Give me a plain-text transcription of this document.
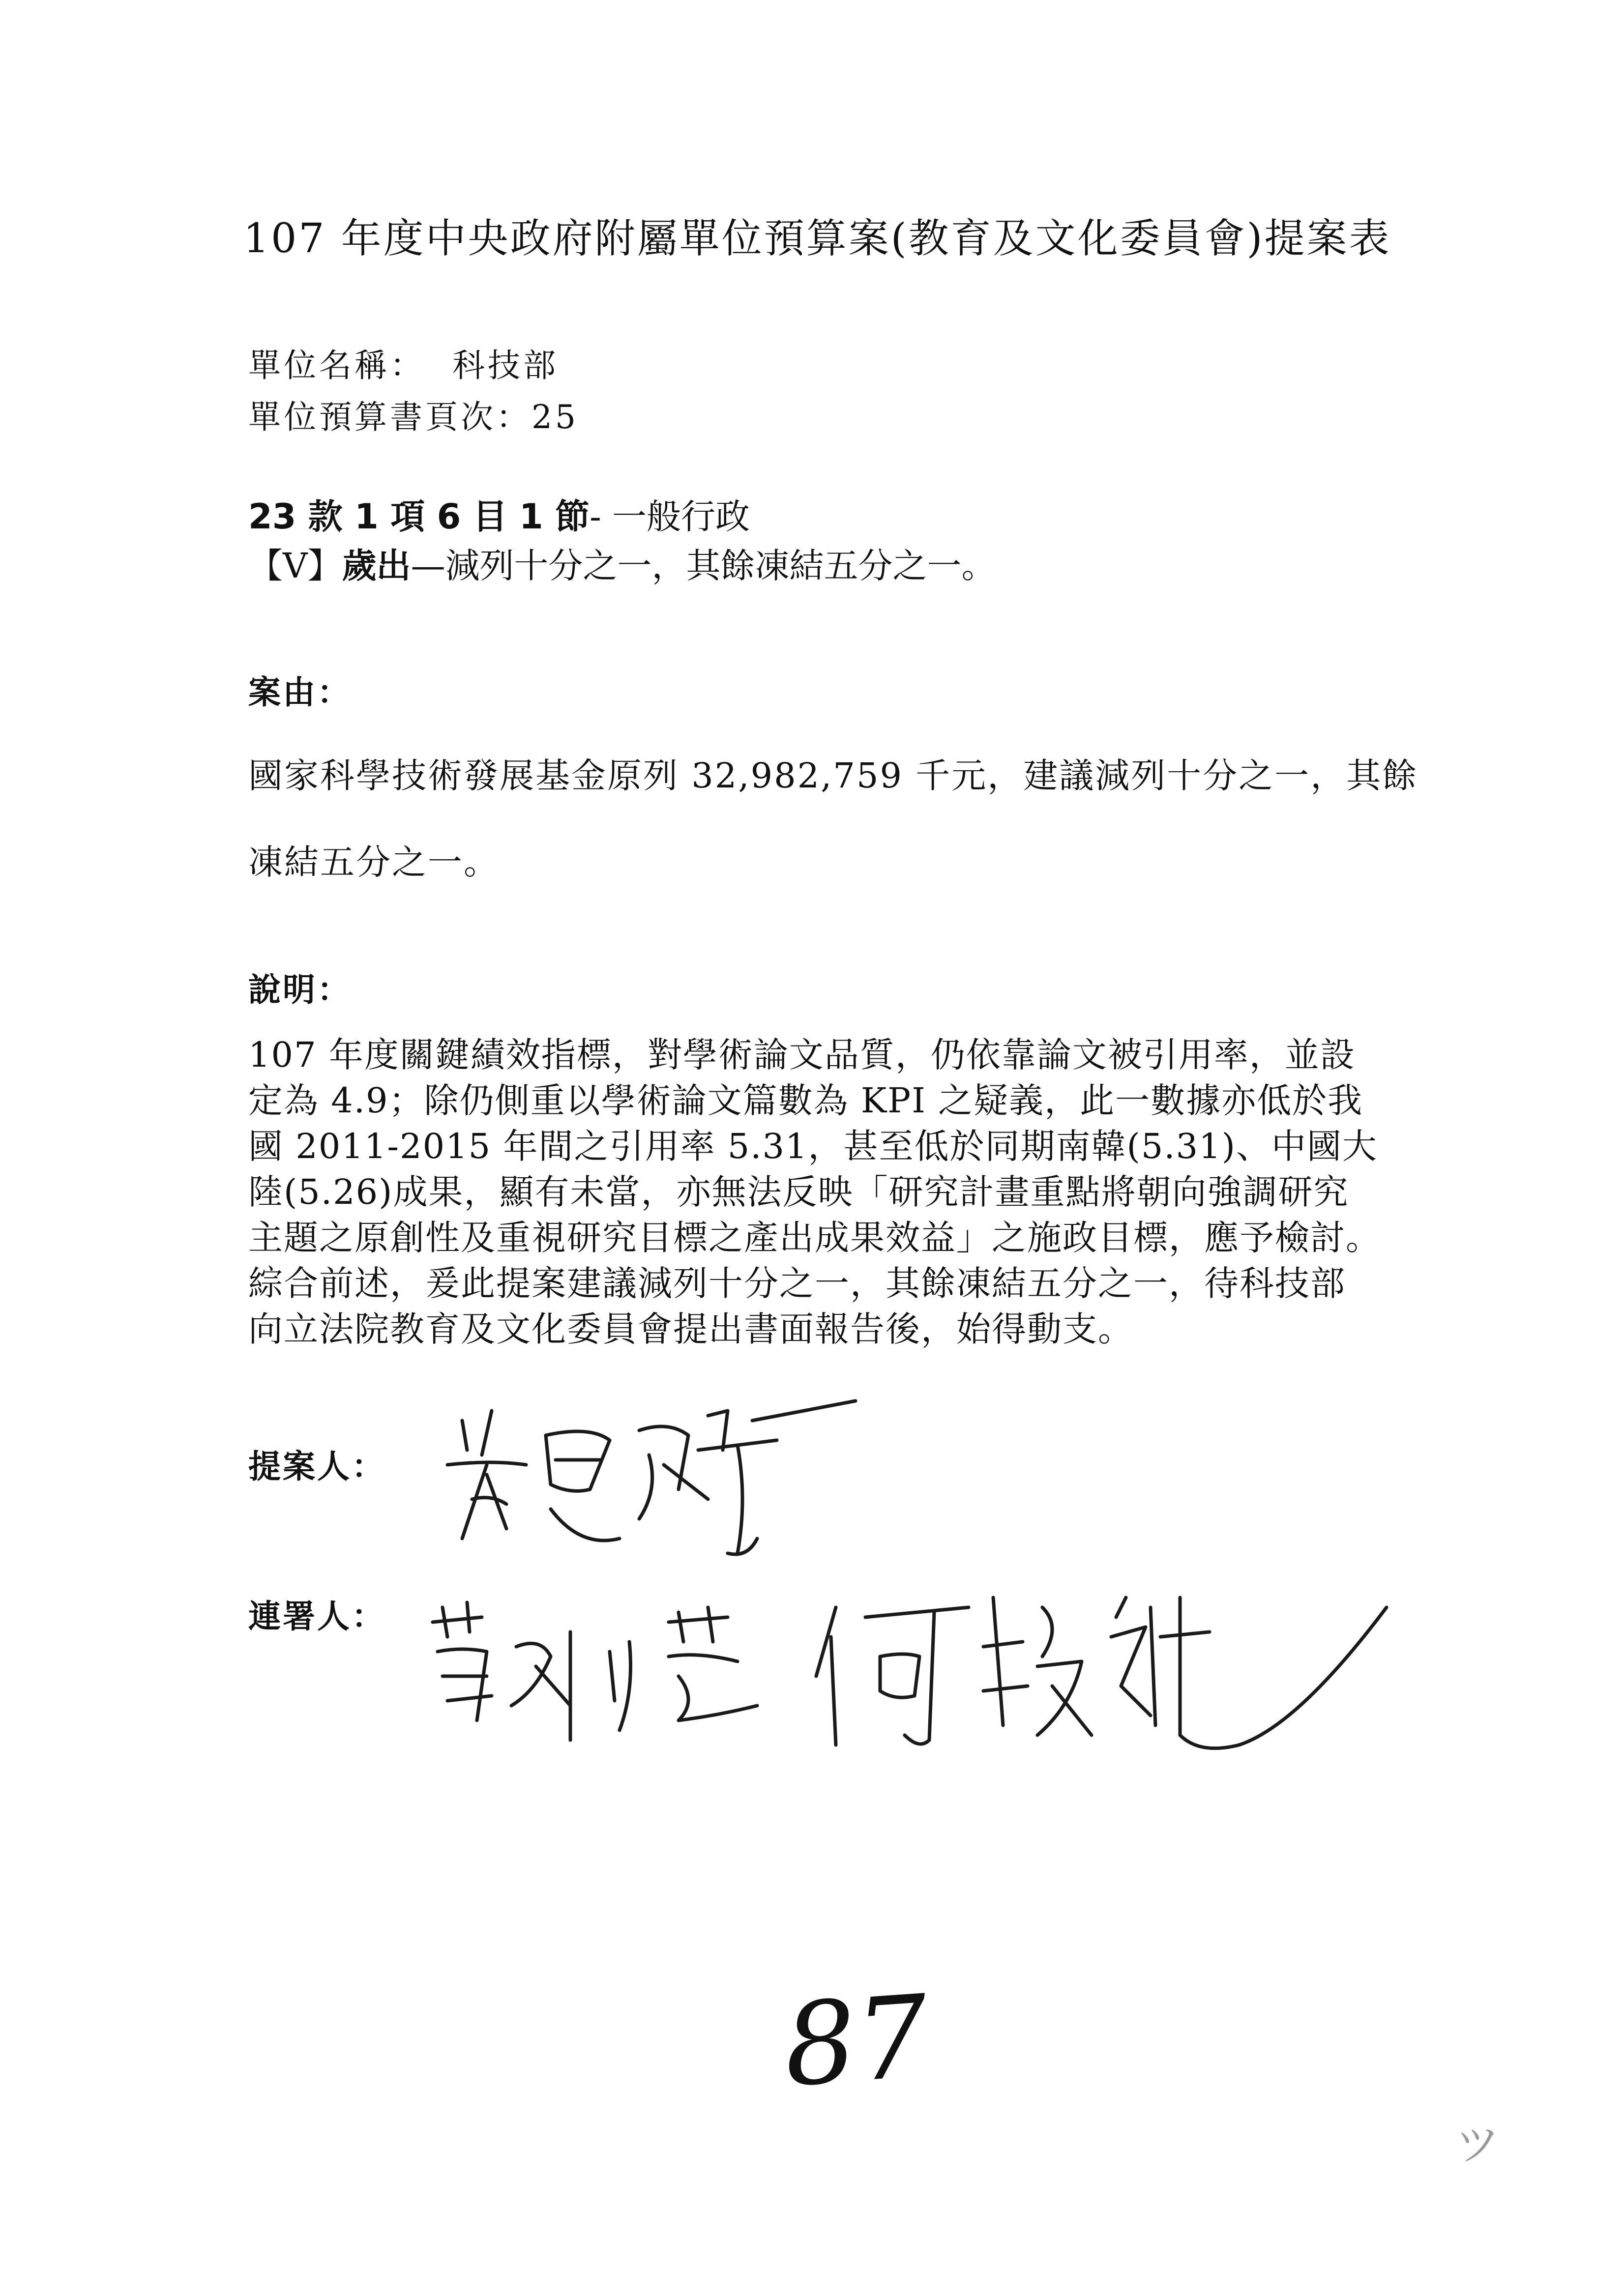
107 年度中央政府附屬單位預算案(教育及文化委員會)提案表
單位名稱： 科技部
單位預算書頁次：25
23 款 1 項 6 目 1 節- 一般行政
【V】歲出—減列十分之一，其餘凍結五分之一。
案由：
國家科學技術發展基金原列 32,982,759 千元，建議減列十分之一，其餘凍結五分之一。
說明：
107 年度關鍵績效指標，對學術論文品質，仍依靠論文被引用率，並設
定為 4.9；除仍側重以學術論文篇數為 KPI 之疑義，此一數據亦低於我
國 2011-2015 年間之引用率 5.31，甚至低於同期南韓(5.31)、中國大
陸(5.26)成果，顯有未當，亦無法反映「研究計畫重點將朝向強調研究
主題之原創性及重視研究目標之產出成果效益」之施政目標，應予檢討。
綜合前述，爰此提案建議減列十分之一，其餘凍結五分之一，待科技部
向立法院教育及文化委員會提出書面報告後，始得動支。
提案人：
連署人：
87
ツ
